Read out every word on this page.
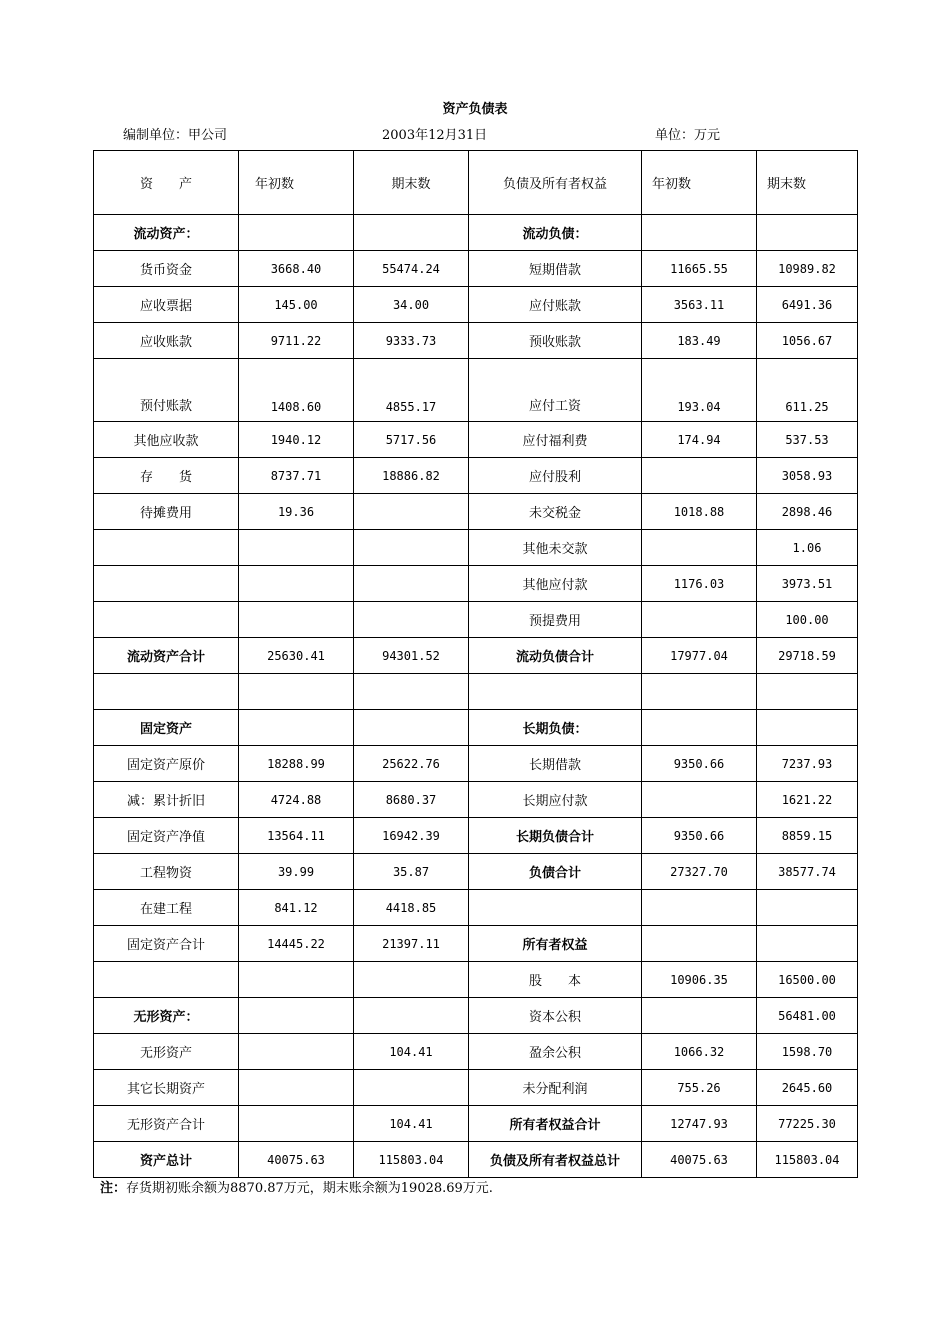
资产负债表
编制单位：甲公司	2003年12月31日	单位：万元
资　　产	年初数	期末数	负债及所有者权益	年初数	期末数
流动资产：			流动负债：		
货币资金	3668.40	55474.24	短期借款	11665.55	10989.82
应收票据	145.00	34.00	应付账款	3563.11	6491.36
应收账款	9711.22	9333.73	预收账款	183.49	1056.67
预付账款	1408.60	4855.17	应付工资	193.04	611.25
其他应收款	1940.12	5717.56	应付福利费	174.94	537.53
存　　货	8737.71	18886.82	应付股利		3058.93
待摊费用	19.36		未交税金	1018.88	2898.46
			其他未交款		1.06
			其他应付款	1176.03	3973.51
			预提费用		100.00
流动资产合计	25630.41	94301.52	流动负债合计	17977.04	29718.59

固定资产			长期负债：		
固定资产原价	18288.99	25622.76	长期借款	9350.66	7237.93
减：累计折旧	4724.88	8680.37	长期应付款		1621.22
固定资产净值	13564.11	16942.39	长期负债合计	9350.66	8859.15
工程物资	39.99	35.87	负债合计	27327.70	38577.74
在建工程	841.12	4418.85			
固定资产合计	14445.22	21397.11	所有者权益		
			股　　本	10906.35	16500.00
无形资产：			资本公积		56481.00
无形资产		104.41	盈余公积	1066.32	1598.70
其它长期资产			未分配利润	755.26	2645.60
无形资产合计		104.41	所有者权益合计	12747.93	77225.30
资产总计	40075.63	115803.04	负债及所有者权益总计	40075.63	115803.04
注：存货期初账余额为8870.87万元，期末账余额为19028.69万元.
